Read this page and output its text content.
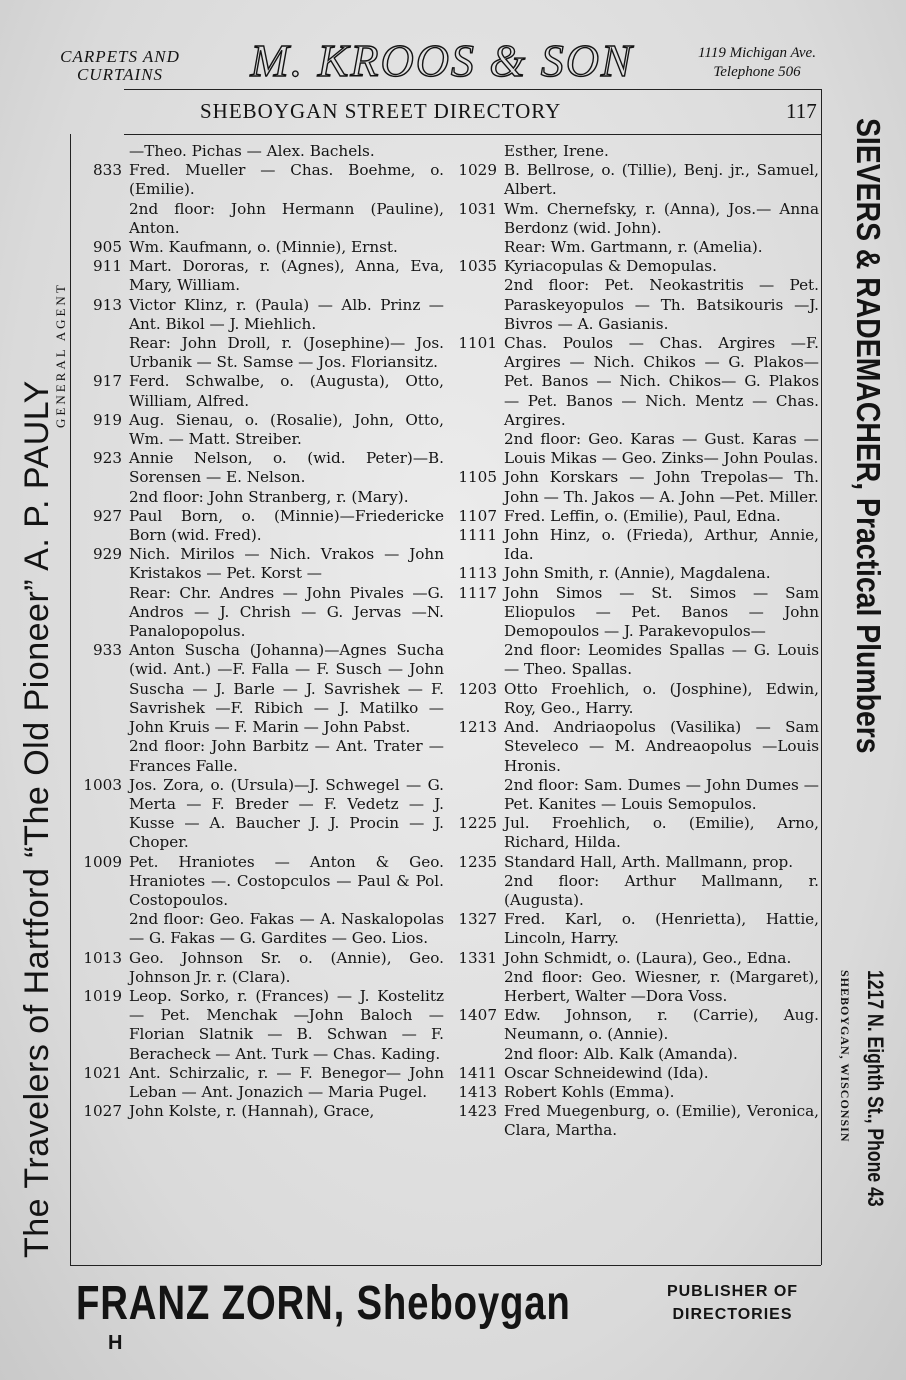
CARPETS AND
CURTAINS	M. KROOS & SON	1119 Michigan Ave.
Telephone 506
SHEBOYGAN STREET DIRECTORY	117
The Travelers of Hartford “The Old Pioneer” A. P. PAULY
GENERAL AGENT	SIEVERS & RADEMACHER, Practical Plumbers
1217 N. Eighth St., Phone 43
SHEBOYGAN, WISCONSIN
—Theo. Pichas — Alex. Bachels.
833 Fred. Mueller — Chas. Boehme, o. (Emilie).
2nd floor: John Hermann (Pauline), Anton.
905 Wm. Kaufmann, o. (Minnie), Ernst.
911 Mart. Dororas, r. (Agnes), Anna, Eva, Mary, William.
913 Victor Klinz, r. (Paula) — Alb. Prinz — Ant. Bikol — J. Miehlich.
Rear: John Droll, r. (Josephine)— Jos. Urbanik — St. Samse — Jos. Floriansitz.
917 Ferd. Schwalbe, o. (Augusta), Otto, William, Alfred.
919 Aug. Sienau, o. (Rosalie), John, Otto, Wm. — Matt. Streiber.
923 Annie Nelson, o. (wid. Peter)—B. Sorensen — E. Nelson.
2nd floor: John Stranberg, r. (Mary).
927 Paul Born, o. (Minnie)—Friedericke Born (wid. Fred).
929 Nich. Mirilos — Nich. Vrakos — John Kristakos — Pet. Korst —
Rear: Chr. Andres — John Pivales —G. Andros — J. Chrish — G. Jervas —N. Panalopopolus.
933 Anton Suscha (Johanna)—Agnes Sucha (wid. Ant.) —F. Falla — F. Susch — John Suscha — J. Barle — J. Savrishek — F. Savrishek —F. Ribich — J. Matilko —John Kruis — F. Marin — John Pabst.
2nd floor: John Barbitz — Ant. Trater — Frances Falle.
1003 Jos. Zora, o. (Ursula)—J. Schwegel — G. Merta — F. Breder — F. Vedetz — J. Kusse — A. Baucher J. J. Procin — J. Choper.
1009 Pet. Hraniotes — Anton & Geo. Hraniotes —. Costopculos — Paul & Pol. Costopoulos.
2nd floor: Geo. Fakas — A. Naskalopolas — G. Fakas — G. Gardites — Geo. Lios.
1013 Geo. Johnson Sr. o. (Annie), Geo. Johnson Jr. r. (Clara).
1019 Leop. Sorko, r. (Frances) — J. Kostelitz — Pet. Menchak —John Baloch — Florian Slatnik — B. Schwan — F. Beracheck — Ant. Turk — Chas. Kading.
1021 Ant. Schirzalic, r. — F. Benegor— John Leban — Ant. Jonazich — Maria Pugel.
1027 John Kolste, r. (Hannah), Grace,
Esther, Irene.
1029 B. Bellrose, o. (Tillie), Benj. jr., Samuel, Albert.
1031 Wm. Chernefsky, r. (Anna), Jos.— Anna Berdonz (wid. John).
Rear: Wm. Gartmann, r. (Amelia).
1035 Kyriacopulas & Demopulas.
2nd floor: Pet. Neokastritis — Pet. Paraskeyopulos — Th. Batsikouris —J. Bivros — A. Gasianis.
1101 Chas. Poulos — Chas. Argires —F. Argires — Nich. Chikos — G. Plakos—Pet. Banos — Nich. Chikos— G. Plakos — Pet. Banos — Nich. Mentz — Chas. Argires.
2nd floor: Geo. Karas — Gust. Karas — Louis Mikas — Geo. Zinks— John Poulas.
1105 John Korskars — John Trepolas— Th. John — Th. Jakos — A. John —Pet. Miller.
1107 Fred. Leffin, o. (Emilie), Paul, Edna.
1111 John Hinz, o. (Frieda), Arthur, Annie, Ida.
1113 John Smith, r. (Annie), Magdalena.
1117 John Simos — St. Simos — Sam Eliopulos — Pet. Banos — John Demopoulos — J. Parakevopulos—
2nd floor: Leomides Spallas — G. Louis — Theo. Spallas.
1203 Otto Froehlich, o. (Josphine), Edwin, Roy, Geo., Harry.
1213 And. Andriaopolus (Vasilika) — Sam Steveleco — M. Andreaopolus —Louis Hronis.
2nd floor: Sam. Dumes — John Dumes — Pet. Kanites — Louis Semopulos.
1225 Jul. Froehlich, o. (Emilie), Arno, Richard, Hilda.
1235 Standard Hall, Arth. Mallmann, prop.
2nd floor: Arthur Mallmann, r. (Augusta).
1327 Fred. Karl, o. (Henrietta), Hattie, Lincoln, Harry.
1331 John Schmidt, o. (Laura), Geo., Edna.
2nd floor: Geo. Wiesner, r. (Margaret), Herbert, Walter —Dora Voss.
1407 Edw. Johnson, r. (Carrie), Aug. Neumann, o. (Annie).
2nd floor: Alb. Kalk (Amanda).
1411 Oscar Schneidewind (Ida).
1413 Robert Kohls (Emma).
1423 Fred Muegenburg, o. (Emilie), Veronica, Clara, Martha.
FRANZ ZORN, Sheboygan	PUBLISHER OF
DIRECTORIES
H
